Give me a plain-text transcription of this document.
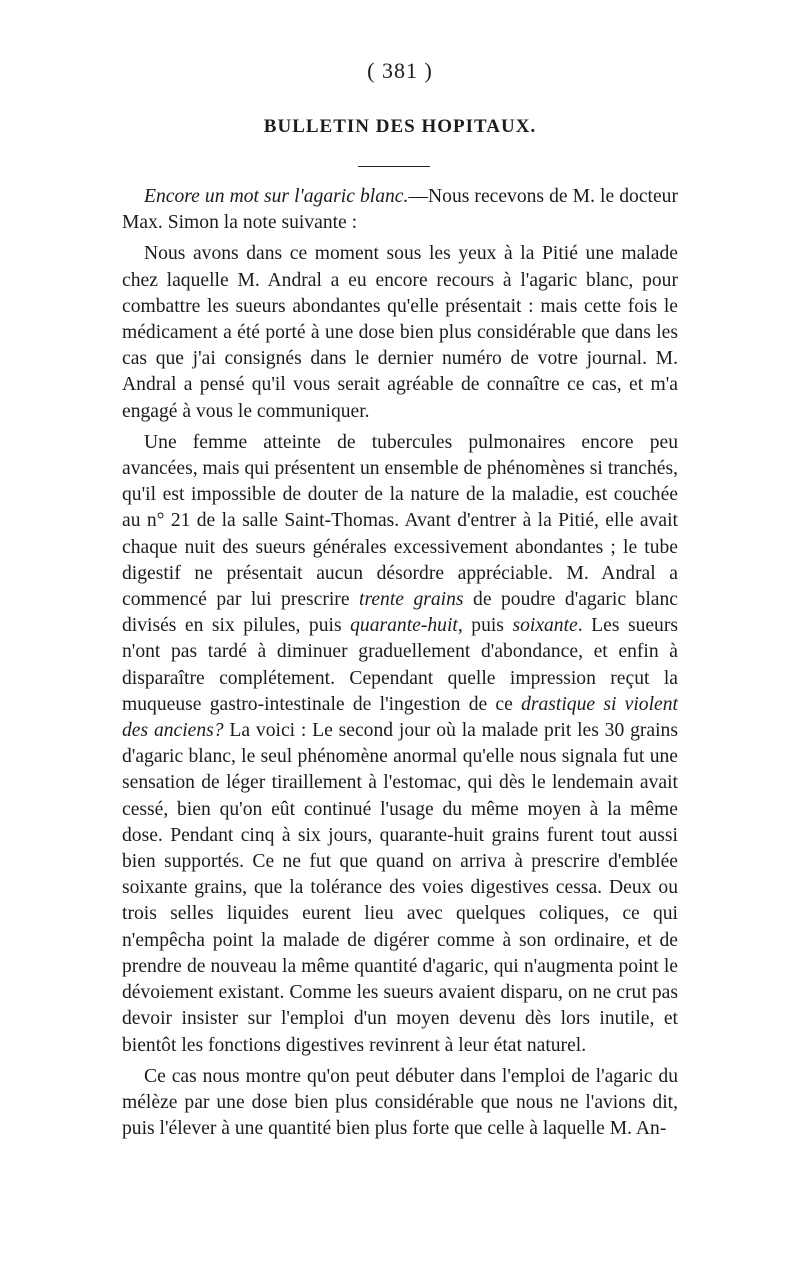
( 381 )
BULLETIN DES HOPITAUX.

Encore un mot sur l'agaric blanc.—Nous recevons de M. le docteur Max. Simon la note suivante :

Nous avons dans ce moment sous les yeux à la Pitié une malade chez laquelle M. Andral a eu encore recours à l'agaric blanc, pour combattre les sueurs abondantes qu'elle présentait : mais cette fois le médicament a été porté à une dose bien plus considérable que dans les cas que j'ai consignés dans le dernier numéro de votre journal. M. Andral a pensé qu'il vous serait agréable de connaître ce cas, et m'a engagé à vous le communiquer.

Une femme atteinte de tubercules pulmonaires encore peu avancées, mais qui présentent un ensemble de phénomènes si tranchés, qu'il est impossible de douter de la nature de la maladie, est couchée au n° 21 de la salle Saint-Thomas. Avant d'entrer à la Pitié, elle avait chaque nuit des sueurs générales excessivement abondantes ; le tube digestif ne présentait aucun désordre appréciable. M. Andral a commencé par lui prescrire trente grains de poudre d'agaric blanc divisés en six pilules, puis quarante-huit, puis soixante. Les sueurs n'ont pas tardé à diminuer graduellement d'abondance, et enfin à disparaître complétement. Cependant quelle impression reçut la muqueuse gastro-intestinale de l'ingestion de ce drastique si violent des anciens? La voici : Le second jour où la malade prit les 30 grains d'agaric blanc, le seul phénomène anormal qu'elle nous signala fut une sensation de léger tiraillement à l'estomac, qui dès le lendemain avait cessé, bien qu'on eût continué l'usage du même moyen à la même dose. Pendant cinq à six jours, quarante-huit grains furent tout aussi bien supportés. Ce ne fut que quand on arriva à prescrire d'emblée soixante grains, que la tolérance des voies digestives cessa. Deux ou trois selles liquides eurent lieu avec quelques coliques, ce qui n'empêcha point la malade de digérer comme à son ordinaire, et de prendre de nouveau la même quantité d'agaric, qui n'augmenta point le dévoiement existant. Comme les sueurs avaient disparu, on ne crut pas devoir insister sur l'emploi d'un moyen devenu dès lors inutile, et bientôt les fonctions digestives revinrent à leur état naturel.

Ce cas nous montre qu'on peut débuter dans l'emploi de l'agaric du mélèze par une dose bien plus considérable que nous ne l'avions dit, puis l'élever à une quantité bien plus forte que celle à laquelle M. An-
